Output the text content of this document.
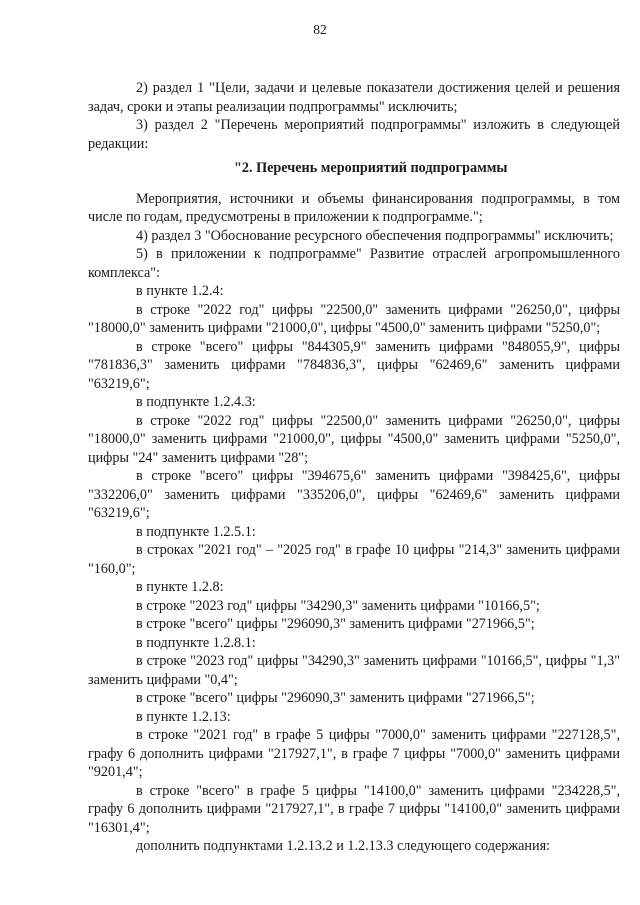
82

2) раздел 1 "Цели, задачи и целевые показатели достижения целей и решения задач, сроки и этапы реализации подпрограммы" исключить;

3) раздел 2 "Перечень мероприятий подпрограммы" изложить в следующей редакции:

"2. Перечень мероприятий подпрограммы

Мероприятия, источники и объемы финансирования подпрограммы, в том числе по годам, предусмотрены в приложении к подпрограмме.";

4) раздел 3 "Обоснование ресурсного обеспечения подпрограммы" исключить;

5) в приложении к подпрограмме" Развитие отраслей агропромышленного комплекса":

в пункте 1.2.4:

в строке "2022 год" цифры "22500,0" заменить цифрами "26250,0", цифры "18000,0" заменить цифрами "21000,0", цифры "4500,0" заменить цифрами "5250,0";

в строке "всего" цифры "844305,9" заменить цифрами "848055,9", цифры "781836,3" заменить цифрами "784836,3", цифры "62469,6" заменить цифрами "63219,6";

в подпункте 1.2.4.3:

в строке "2022 год" цифры "22500,0" заменить цифрами "26250,0", цифры "18000,0" заменить цифрами "21000,0", цифры "4500,0" заменить цифрами "5250,0", цифры "24" заменить цифрами "28";

в строке "всего" цифры "394675,6" заменить цифрами "398425,6", цифры "332206,0" заменить цифрами "335206,0", цифры "62469,6" заменить цифрами "63219,6";

в подпункте 1.2.5.1:

в строках "2021 год" – "2025 год" в графе 10 цифры "214,3" заменить цифрами "160,0";

в пункте 1.2.8:

в строке "2023 год" цифры "34290,3" заменить цифрами "10166,5";

в строке "всего" цифры "296090,3" заменить цифрами "271966,5";

в подпункте 1.2.8.1:

в строке "2023 год" цифры "34290,3" заменить цифрами "10166,5", цифры "1,3" заменить цифрами "0,4";

в строке "всего" цифры "296090,3" заменить цифрами "271966,5";

в пункте 1.2.13:

в строке "2021 год" в графе 5 цифры "7000,0" заменить цифрами "227128,5", графу 6 дополнить цифрами "217927,1", в графе 7 цифры "7000,0" заменить цифрами "9201,4";

в строке "всего" в графе 5 цифры "14100,0" заменить цифрами "234228,5", графу 6 дополнить цифрами "217927,1", в графе 7 цифры "14100,0" заменить цифрами "16301,4";

дополнить подпунктами 1.2.13.2 и 1.2.13.3 следующего содержания:
